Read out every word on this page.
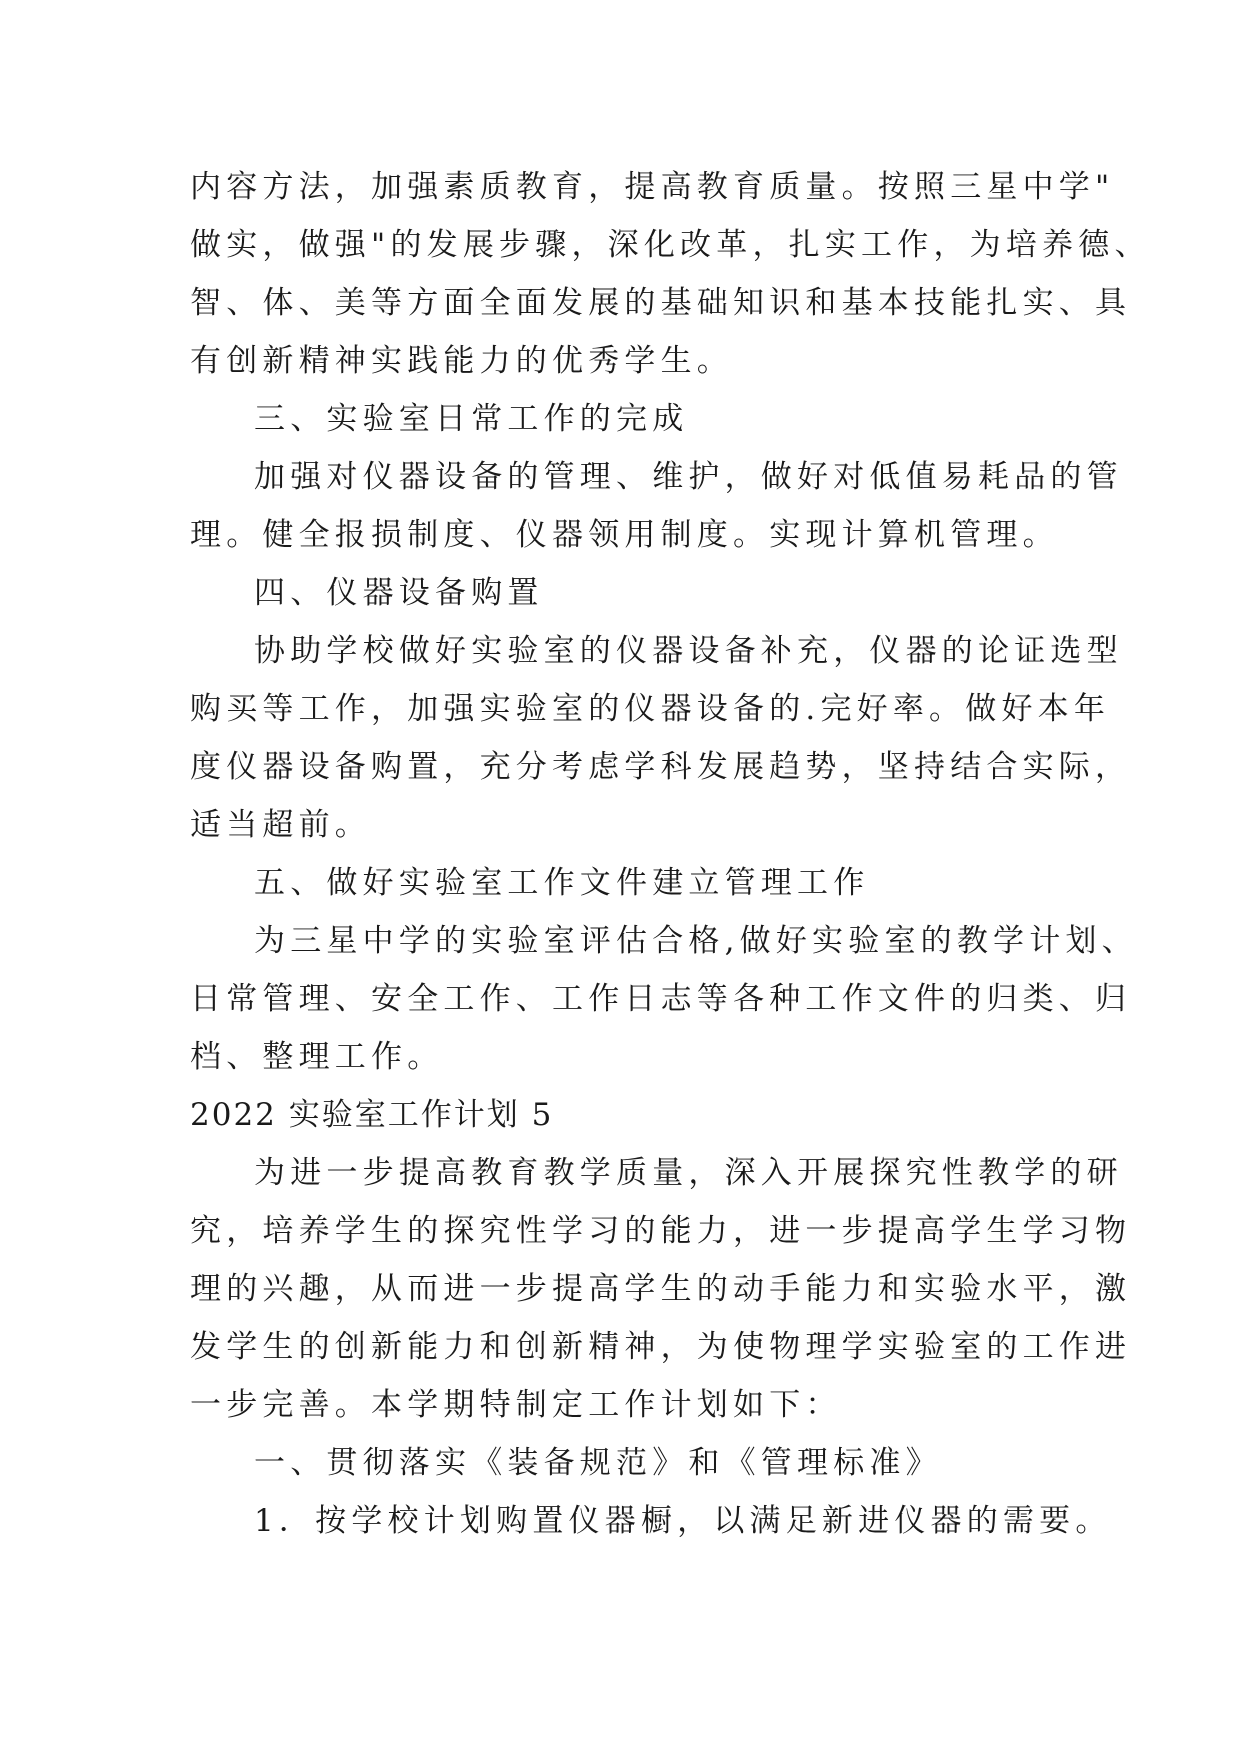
内容方法，加强素质教育，提高教育质量。按照三星中学"

做实，做强"的发展步骤，深化改革，扎实工作，为培养德、

智、体、美等方面全面发展的基础知识和基本技能扎实、具

有创新精神实践能力的优秀学生。

三、实验室日常工作的完成

加强对仪器设备的管理、维护，做好对低值易耗品的管

理。健全报损制度、仪器领用制度。实现计算机管理。

四、仪器设备购置

协助学校做好实验室的仪器设备补充，仪器的论证选型

购买等工作，加强实验室的仪器设备的.完好率。做好本年

度仪器设备购置，充分考虑学科发展趋势，坚持结合实际，

适当超前。

五、做好实验室工作文件建立管理工作

为三星中学的实验室评估合格,做好实验室的教学计划、

日常管理、安全工作、工作日志等各种工作文件的归类、归

档、整理工作。

2022 实验室工作计划 5

为进一步提高教育教学质量，深入开展探究性教学的研

究，培养学生的探究性学习的能力，进一步提高学生学习物

理的兴趣，从而进一步提高学生的动手能力和实验水平，激

发学生的创新能力和创新精神，为使物理学实验室的工作进

一步完善。本学期特制定工作计划如下：

一、贯彻落实《装备规范》和《管理标准》

1．按学校计划购置仪器橱，以满足新进仪器的需要。
